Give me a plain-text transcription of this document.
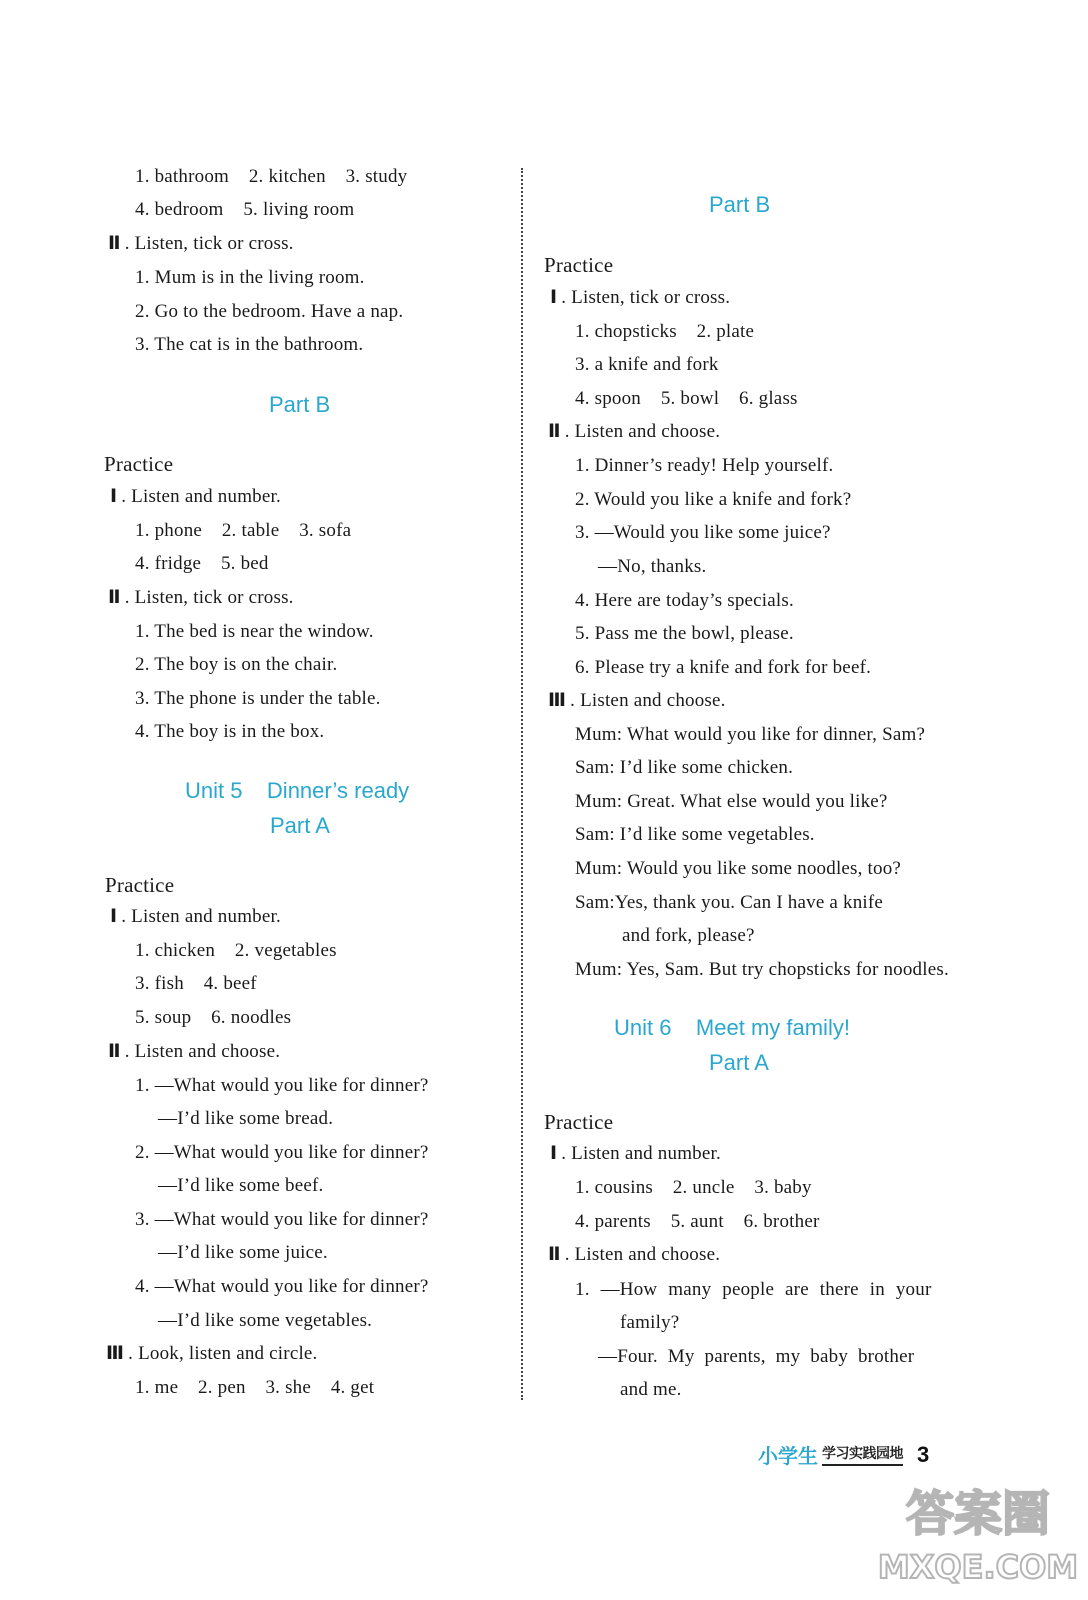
1. bathroom 2. kitchen 3. study
4. bedroom 5. living room
Ⅱ . Listen, tick or cross.
1. Mum is in the living room.
2. Go to the bedroom. Have a nap.
3. The cat is in the bathroom.
Part B
Practice
Ⅰ . Listen and number.
1. phone 2. table 3. sofa
4. fridge 5. bed
Ⅱ . Listen, tick or cross.
1. The bed is near the window.
2. The boy is on the chair.
3. The phone is under the table.
4. The boy is in the box.
Unit 5    Dinner’s ready
Part A
Practice
Ⅰ . Listen and number.
1. chicken 2. vegetables
3. fish 4. beef
5. soup 6. noodles
Ⅱ . Listen and choose.
1. —What would you like for dinner?
—I’d like some bread.
2. —What would you like for dinner?
—I’d like some beef.
3. —What would you like for dinner?
—I’d like some juice.
4. —What would you like for dinner?
—I’d like some vegetables.
Ⅲ . Look, listen and circle.
1. me 2. pen 3. she 4. get
Part B
Practice
Ⅰ . Listen, tick or cross.
1. chopsticks 2. plate
3. a knife and fork
4. spoon 5. bowl 6. glass
Ⅱ . Listen and choose.
1. Dinner’s ready! Help yourself.
2. Would you like a knife and fork?
3. —Would you like some juice?
—No, thanks.
4. Here are today’s specials.
5. Pass me the bowl, please.
6. Please try a knife and fork for beef.
Ⅲ . Listen and choose.
Mum: What would you like for dinner, Sam?
Sam: I’d like some chicken.
Mum: Great. What else would you like?
Sam: I’d like some vegetables.
Mum: Would you like some noodles, too?
Sam:Yes, thank you. Can I have a knife
and fork, please?
Mum: Yes, Sam. But try chopsticks for noodles.
Unit 6    Meet my family!
Part A
Practice
Ⅰ . Listen and number.
1. cousins 2. uncle 3. baby
4. parents 5. aunt 6. brother
Ⅱ . Listen and choose.
1. —How many people are there in your
family?
—Four. My parents, my baby brother
and me.
小学生 学习实践园地 3
答案圈
MXQE.COM
